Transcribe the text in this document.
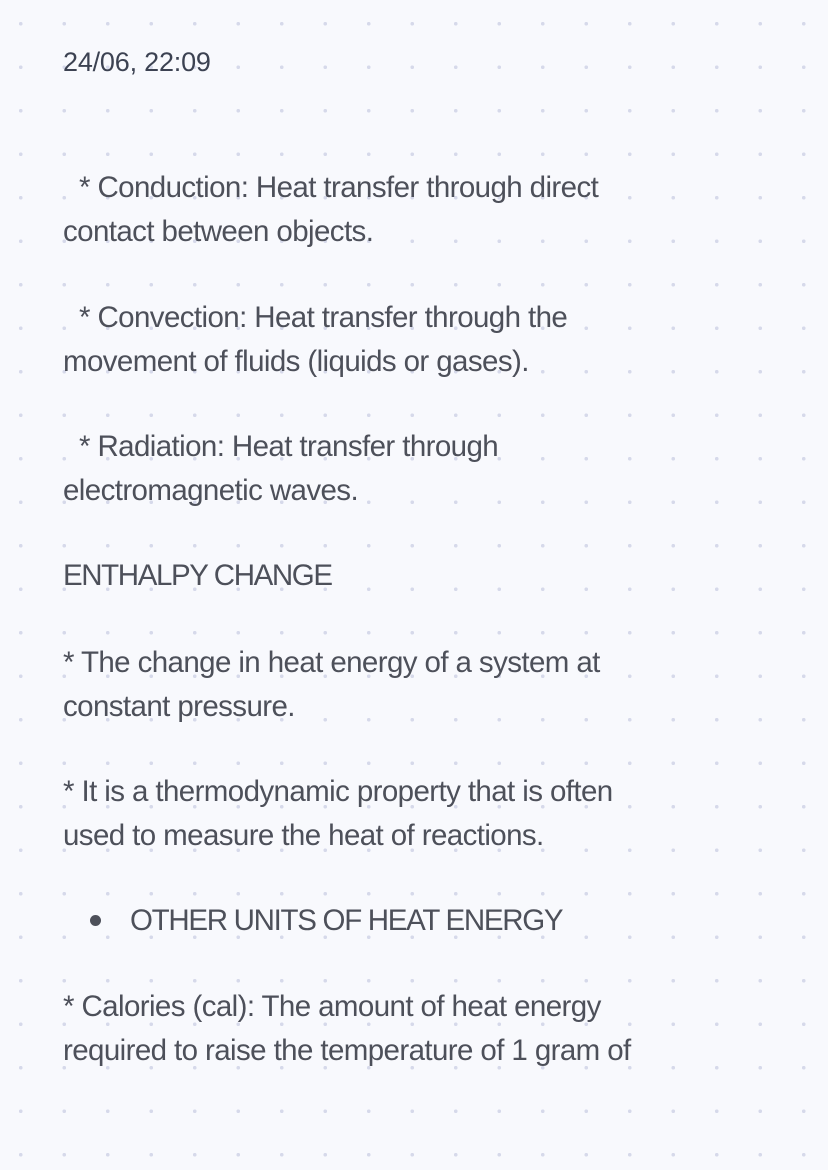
24/06, 22:09
* Conduction: Heat transfer through direct
contact between objects.
* Convection: Heat transfer through the
movement of fluids (liquids or gases).
* Radiation: Heat transfer through
electromagnetic waves.
ENTHALPY CHANGE
* The change in heat energy of a system at
constant pressure.
* It is a thermodynamic property that is often
used to measure the heat of reactions.
OTHER UNITS OF HEAT ENERGY
* Calories (cal): The amount of heat energy
required to raise the temperature of 1 gram of
